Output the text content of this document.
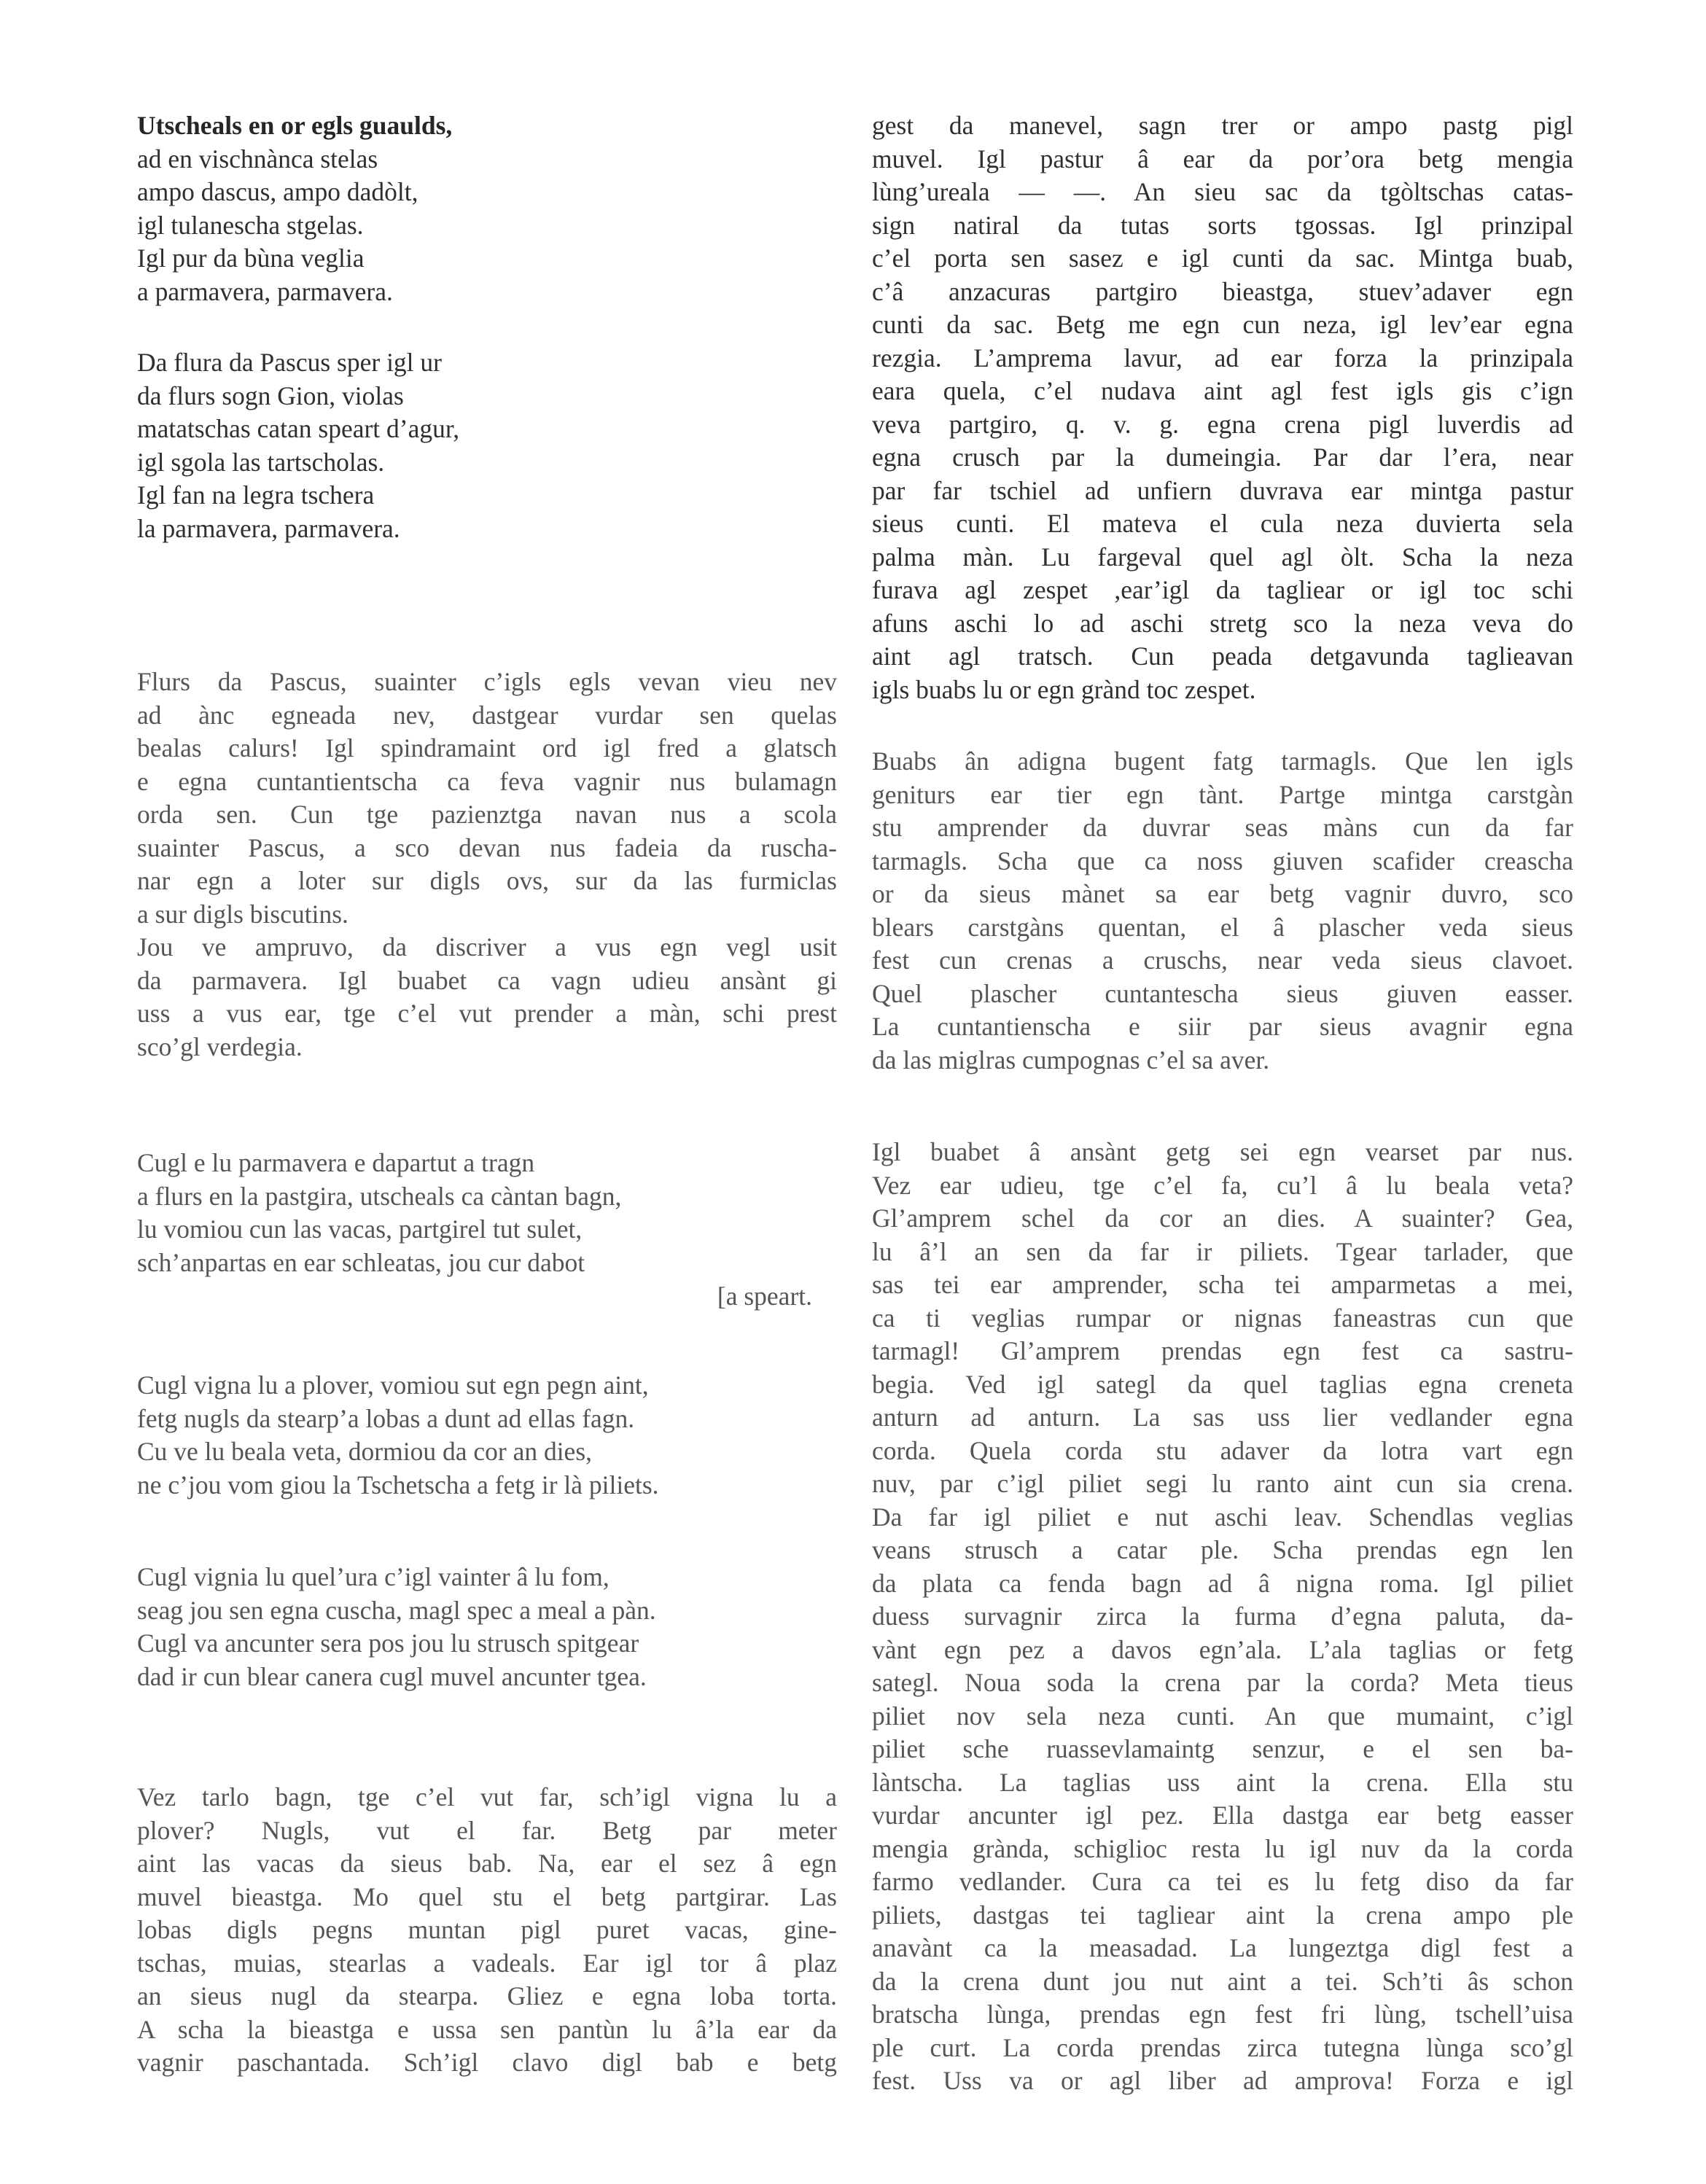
Utscheals en or egls guaulds,
ad en vischnànca stelas
ampo dascus, ampo dadòlt,
igl tulanescha stgelas.
Igl pur da bùna veglia
a parmavera, parmavera.
Da flura da Pascus sper igl ur
da flurs sogn Gion, violas
matatschas catan speart d’agur,
igl sgola las tartscholas.
Igl fan na legra tschera
la parmavera, parmavera.
Flurs da Pascus, suainter c’igls egls vevan vieu nev
ad ànc egneada nev, dastgear vurdar sen quelas
bealas calurs! Igl spindramaint ord igl fred a glatsch
e egna cuntantientscha ca feva vagnir nus bulamagn
orda sen. Cun tge pazienztga navan nus a scola
suainter Pascus, a sco devan nus fadeia da ruscha-
nar egn a loter sur digls ovs, sur da las furmiclas
a sur digls biscutins.
Jou ve ampruvo, da discriver a vus egn vegl usit
da parmavera. Igl buabet ca vagn udieu ansànt gi
uss a vus ear, tge c’el vut prender a màn, schi prest
sco’gl verdegia.
Cugl e lu parmavera e dapartut a tragn
a flurs en la pastgira, utscheals ca càntan bagn,
lu vomiou cun las vacas, partgirel tut sulet,
sch’anpartas en ear schleatas, jou cur dabot
[a speart.
Cugl vigna lu a plover, vomiou sut egn pegn aint,
fetg nugls da stearp’a lobas a dunt ad ellas fagn.
Cu ve lu beala veta, dormiou da cor an dies,
ne c’jou vom giou la Tschetscha a fetg ir là piliets.
Cugl vignia lu quel’ura c’igl vainter â lu fom,
seag jou sen egna cuscha, magl spec a meal a pàn.
Cugl va ancunter sera pos jou lu strusch spitgear
dad ir cun blear canera cugl muvel ancunter tgea.
Vez tarlo bagn, tge c’el vut far, sch’igl vigna lu a
plover? Nugls, vut el far. Betg par meter
aint las vacas da sieus bab. Na, ear el sez â egn
muvel bieastga. Mo quel stu el betg partgirar. Las
lobas digls pegns muntan pigl puret vacas, gine-
tschas, muias, stearlas a vadeals. Ear igl tor â plaz
an sieus nugl da stearpa. Gliez e egna loba torta.
A scha la bieastga e ussa sen pantùn lu â’la ear da
vagnir paschantada. Sch’igl clavo digl bab e betg
gest da manevel, sagn trer or ampo pastg pigl
muvel. Igl pastur â ear da por’ora betg mengia
lùng’ureala — —. An sieu sac da tgòltschas catas-
sign natiral da tutas sorts tgossas. Igl prinzipal
c’el porta sen sasez e igl cunti da sac. Mintga buab,
c’â anzacuras partgiro bieastga, stuev’adaver egn
cunti da sac. Betg me egn cun neza, igl lev’ear egna
rezgia. L’amprema lavur, ad ear forza la prinzipala
eara quela, c’el nudava aint agl fest igls gis c’ign
veva partgiro, q. v. g. egna crena pigl luverdis ad
egna crusch par la dumeingia. Par dar l’era, near
par far tschiel ad unfiern duvrava ear mintga pastur
sieus cunti. El mateva el cula neza duvierta sela
palma màn. Lu fargeval quel agl òlt. Scha la neza
furava agl zespet ,ear’igl da tagliear or igl toc schi
afuns aschi lo ad aschi stretg sco la neza veva do
aint agl tratsch. Cun peada detgavunda taglieavan
igls buabs lu or egn grànd toc zespet.
Buabs ân adigna bugent fatg tarmagls. Que len igls
geniturs ear tier egn tànt. Partge mintga carstgàn
stu amprender da duvrar seas màns cun da far
tarmagls. Scha que ca noss giuven scafider creascha
or da sieus mànet sa ear betg vagnir duvro, sco
blears carstgàns quentan, el â plascher veda sieus
fest cun crenas a cruschs, near veda sieus clavoet.
Quel plascher cuntantescha sieus giuven easser.
La cuntantienscha e siir par sieus avagnir egna
da las miglras cumpognas c’el sa aver.
Igl buabet â ansànt getg sei egn vearset par nus.
Vez ear udieu, tge c’el fa, cu’l â lu beala veta?
Gl’amprem schel da cor an dies. A suainter? Gea,
lu â’l an sen da far ir piliets. Tgear tarlader, que
sas tei ear amprender, scha tei amparmetas a mei,
ca ti veglias rumpar or nignas faneastras cun que
tarmagl! Gl’amprem prendas egn fest ca sastru-
begia. Ved igl sategl da quel taglias egna creneta
anturn ad anturn. La sas uss lier vedlander egna
corda. Quela corda stu adaver da lotra vart egn
nuv, par c’igl piliet segi lu ranto aint cun sia crena.
Da far igl piliet e nut aschi leav. Schendlas veglias
veans strusch a catar ple. Scha prendas egn len
da plata ca fenda bagn ad â nigna roma. Igl piliet
duess survagnir zirca la furma d’egna paluta, da-
vànt egn pez a davos egn’ala. L’ala taglias or fetg
sategl. Noua soda la crena par la corda? Meta tieus
piliet nov sela neza cunti. An que mumaint, c’igl
piliet sche ruassevlamaintg senzur, e el sen ba-
làntscha. La taglias uss aint la crena. Ella stu
vurdar ancunter igl pez. Ella dastga ear betg easser
mengia grànda, schiglioc resta lu igl nuv da la corda
farmo vedlander. Cura ca tei es lu fetg diso da far
piliets, dastgas tei tagliear aint la crena ampo ple
anavànt ca la measadad. La lungeztga digl fest a
da la crena dunt jou nut aint a tei. Sch’ti âs schon
bratscha lùnga, prendas egn fest fri lùng, tschell’uisa
ple curt. La corda prendas zirca tutegna lùnga sco’gl
fest. Uss va or agl liber ad amprova! Forza e igl
